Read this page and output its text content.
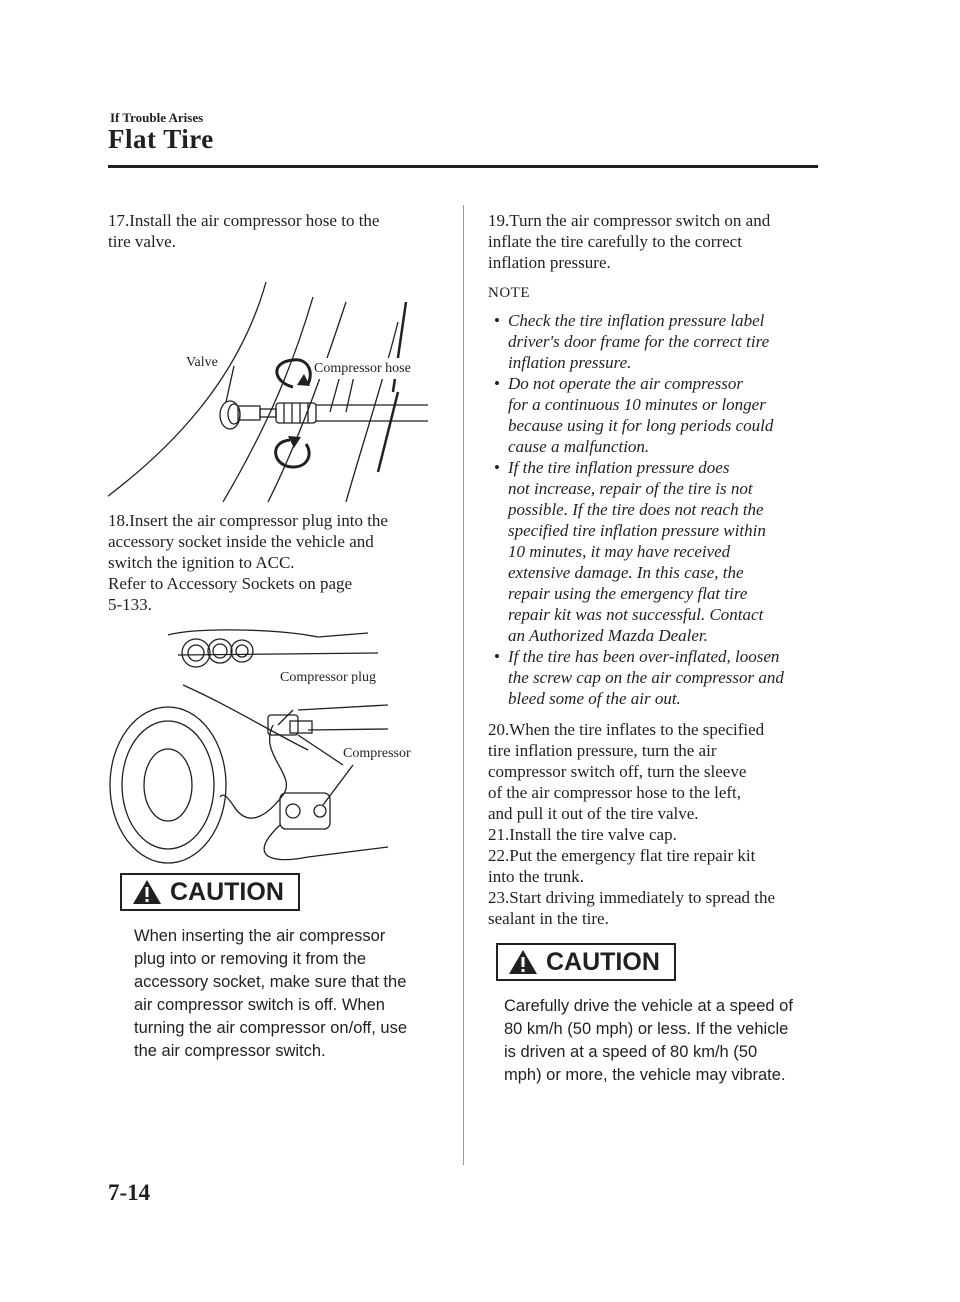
If Trouble Arises
Flat Tire
17.Install the air compressor hose to the
tire valve.
Valve	Compressor hose
18.Insert the air compressor plug into the
accessory socket inside the vehicle and
switch the ignition to ACC.
Refer to Accessory Sockets on page
5-133.
Compressor plug
Compressor
CAUTION
When inserting the air compressor
plug into or removing it from the
accessory socket, make sure that the
air compressor switch is off. When
turning the air compressor on/off, use
the air compressor switch.
19.Turn the air compressor switch on and
inflate the tire carefully to the correct
inflation pressure.
NOTE
• Check the tire inflation pressure label
driver's door frame for the correct tire
inflation pressure.
• Do not operate the air compressor
for a continuous 10 minutes or longer
because using it for long periods could
cause a malfunction.
• If the tire inflation pressure does
not increase, repair of the tire is not
possible. If the tire does not reach the
specified tire inflation pressure within
10 minutes, it may have received
extensive damage. In this case, the
repair using the emergency flat tire
repair kit was not successful. Contact
an Authorized Mazda Dealer.
• If the tire has been over-inflated, loosen
the screw cap on the air compressor and
bleed some of the air out.
20.When the tire inflates to the specified
tire inflation pressure, turn the air
compressor switch off, turn the sleeve
of the air compressor hose to the left,
and pull it out of the tire valve.
21.Install the tire valve cap.
22.Put the emergency flat tire repair kit
into the trunk.
23.Start driving immediately to spread the
sealant in the tire.
CAUTION
Carefully drive the vehicle at a speed of
80 km/h (50 mph) or less. If the vehicle
is driven at a speed of 80 km/h (50
mph) or more, the vehicle may vibrate.
7-14
